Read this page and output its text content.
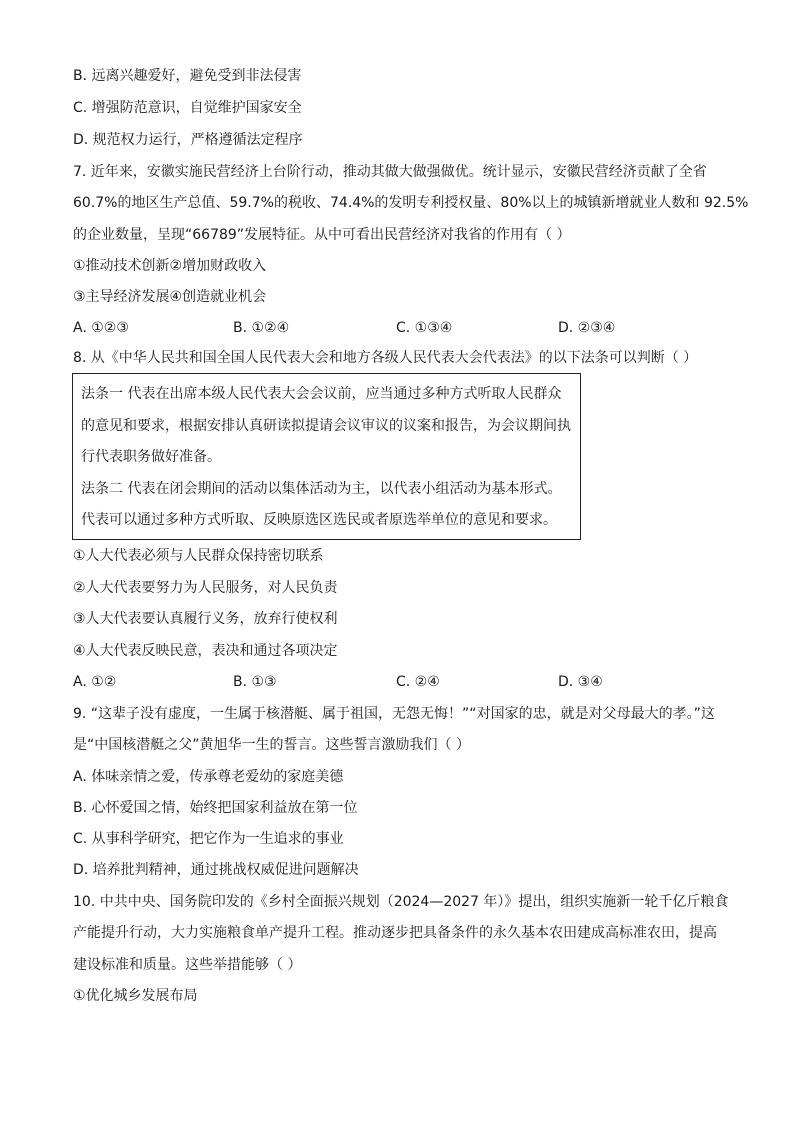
B. 远离兴趣爱好，避免受到非法侵害
C. 增强防范意识，自觉维护国家安全
D. 规范权力运行，严格遵循法定程序
7. 近年来，安徽实施民营经济上台阶行动，推动其做大做强做优。统计显示，安徽民营经济贡献了全省
60.7%的地区生产总值、59.7%的税收、74.4%的发明专利授权量、80%以上的城镇新增就业人数和 92.5%
的企业数量，呈现“66789”发展特征。从中可看出民营经济对我省的作用有（ ）
①推动技术创新②增加财政收入
③主导经济发展④创造就业机会
A. ①②③	B. ①②④	C. ①③④	D. ②③④
8. 从《中华人民共和国全国人民代表大会和地方各级人民代表大会代表法》的以下法条可以判断（ ）
法条一 代表在出席本级人民代表大会会议前，应当通过多种方式听取人民群众
的意见和要求，根据安排认真研读拟提请会议审议的议案和报告，为会议期间执
行代表职务做好准备。
法条二 代表在闭会期间的活动以集体活动为主，以代表小组活动为基本形式。
代表可以通过多种方式听取、反映原选区选民或者原选举单位的意见和要求。
①人大代表必须与人民群众保持密切联系
②人大代表要努力为人民服务，对人民负责
③人大代表要认真履行义务，放弃行使权利
④人大代表反映民意，表决和通过各项决定
A. ①②	B. ①③	C. ②④	D. ③④
9. “这辈子没有虚度，一生属于核潜艇、属于祖国，无怨无悔！”“对国家的忠，就是对父母最大的孝。”这
是“中国核潜艇之父”黄旭华一生的誓言。这些誓言激励我们（ ）
A. 体味亲情之爱，传承尊老爱幼的家庭美德
B. 心怀爱国之情，始终把国家利益放在第一位
C. 从事科学研究，把它作为一生追求的事业
D. 培养批判精神，通过挑战权威促进问题解决
10. 中共中央、国务院印发的《乡村全面振兴规划（2024—2027 年）》提出，组织实施新一轮千亿斤粮食
产能提升行动，大力实施粮食单产提升工程。推动逐步把具备条件的永久基本农田建成高标准农田，提高
建设标准和质量。这些举措能够（ ）
①优化城乡发展布局
